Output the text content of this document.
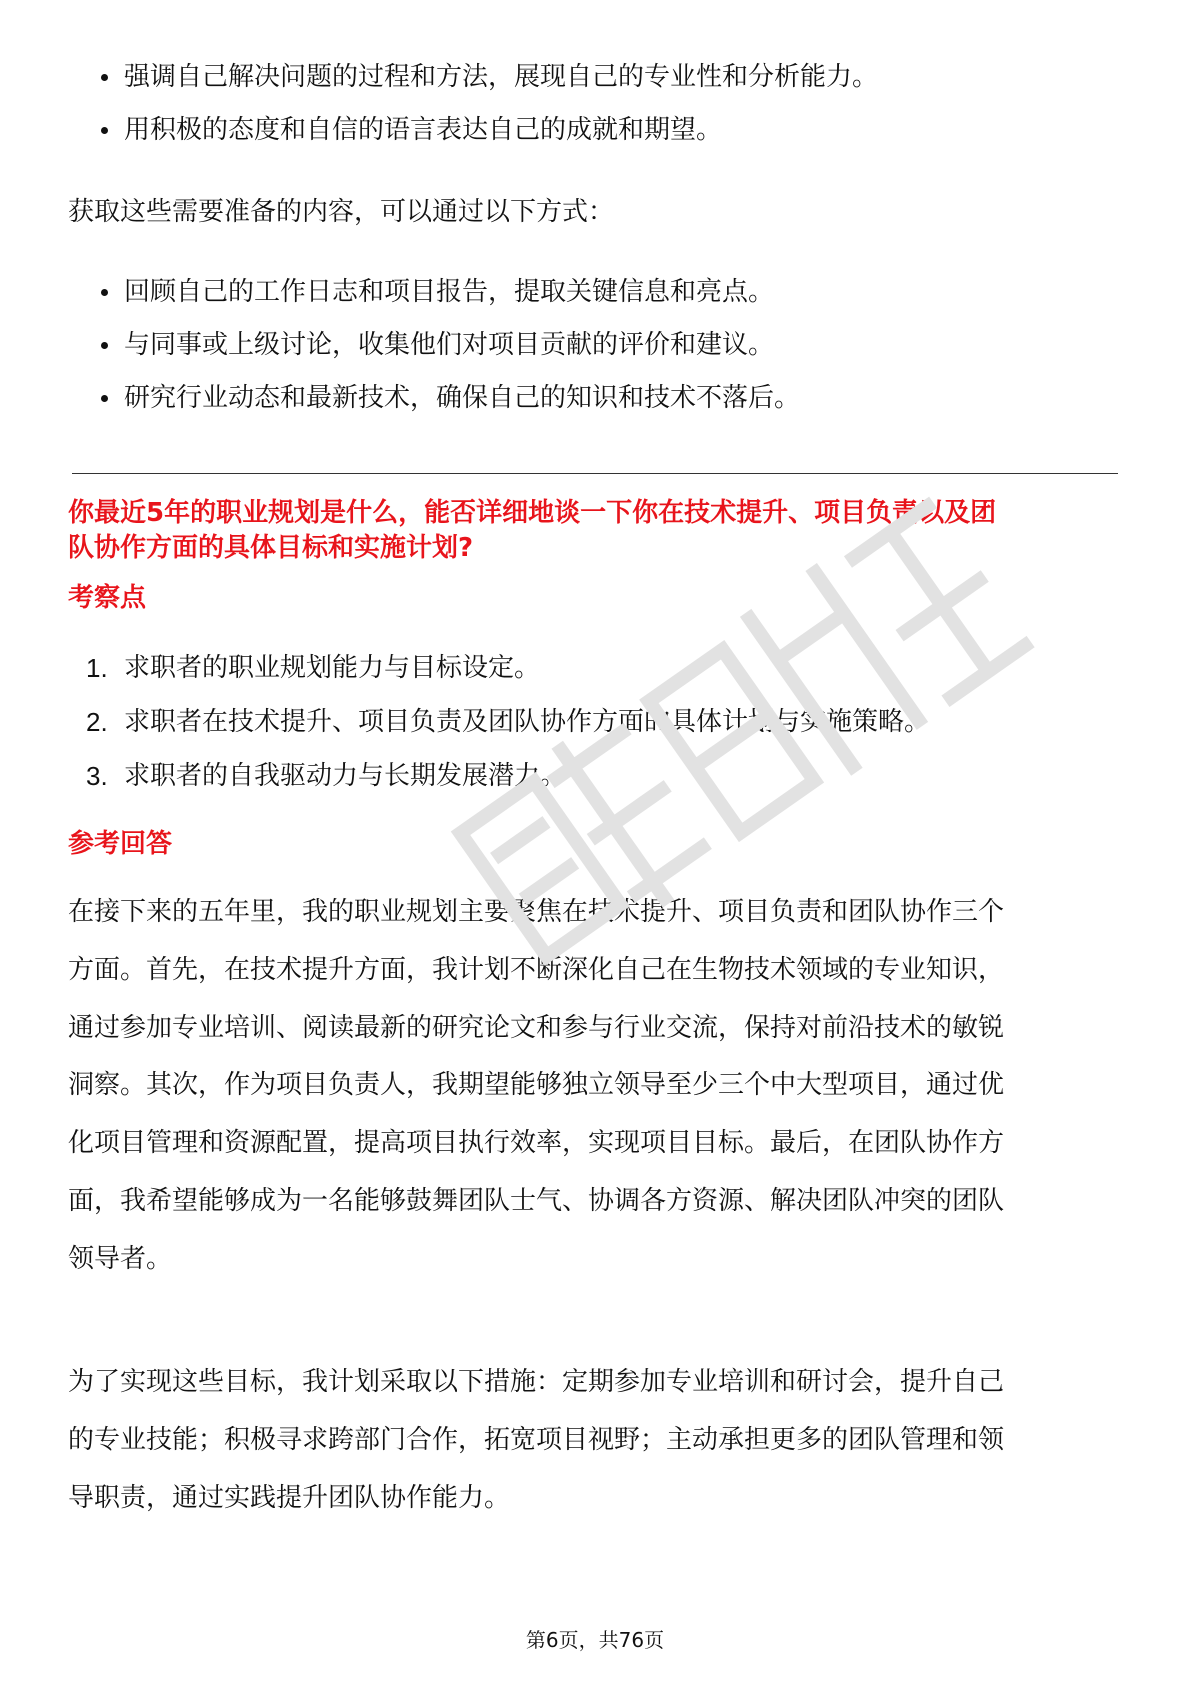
强调自己解决问题的过程和方法，展现自己的专业性和分析能力。
用积极的态度和自信的语言表达自己的成就和期望。

获取这些需要准备的内容，可以通过以下方式：

回顾自己的工作日志和项目报告，提取关键信息和亮点。
与同事或上级讨论，收集他们对项目贡献的评价和建议。
研究行业动态和最新技术，确保自己的知识和技术不落后。
你最近5年的职业规划是什么，能否详细地谈一下你在技术提升、项目负责以及团
队协作方面的具体目标和实施计划?

考察点

1. 求职者的职业规划能力与目标设定。
2. 求职者在技术提升、项目负责及团队协作方面的具体计划与实施策略。
3. 求职者的自我驱动力与长期发展潜力。

参考回答

在接下来的五年里，我的职业规划主要聚焦在技术提升、项目负责和团队协作三个
方面。首先，在技术提升方面，我计划不断深化自己在生物技术领域的专业知识，
通过参加专业培训、阅读最新的研究论文和参与行业交流，保持对前沿技术的敏锐
洞察。其次，作为项目负责人，我期望能够独立领导至少三个中大型项目，通过优
化项目管理和资源配置，提高项目执行效率，实现项目目标。最后，在团队协作方
面，我希望能够成为一名能够鼓舞团队士气、协调各方资源、解决团队冲突的团队
领导者。
为了实现这些目标，我计划采取以下措施：定期参加专业培训和研讨会，提升自己
的专业技能；积极寻求跨部门合作，拓宽项目视野；主动承担更多的团队管理和领
导职责，通过实践提升团队协作能力。
第6页，共76页
